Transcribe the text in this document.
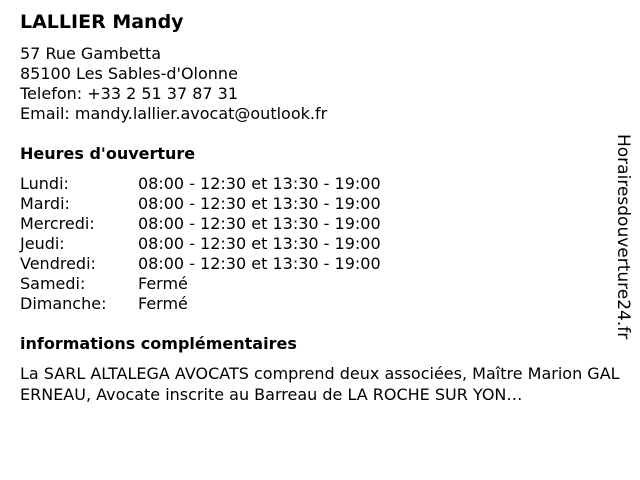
LALLIER Mandy
57 Rue Gambetta
85100 Les Sables-d'Olonne
Telefon: +33 2 51 37 87 31
Email: mandy.lallier.avocat@outlook.fr
Heures d'ouverture
Lundi:	08:00 - 12:30 et 13:30 - 19:00
Mardi:	08:00 - 12:30 et 13:30 - 19:00
Mercredi:	08:00 - 12:30 et 13:30 - 19:00
Jeudi:	08:00 - 12:30 et 13:30 - 19:00
Vendredi:	08:00 - 12:30 et 13:30 - 19:00
Samedi:	Fermé
Dimanche:	Fermé
informations complémentaires
La SARL ALTALEGA AVOCATS comprend deux associées, Maître Marion GALERNEAU, Avocate inscrite au Barreau de LA ROCHE SUR YON…
Horairesdouverture24.fr
